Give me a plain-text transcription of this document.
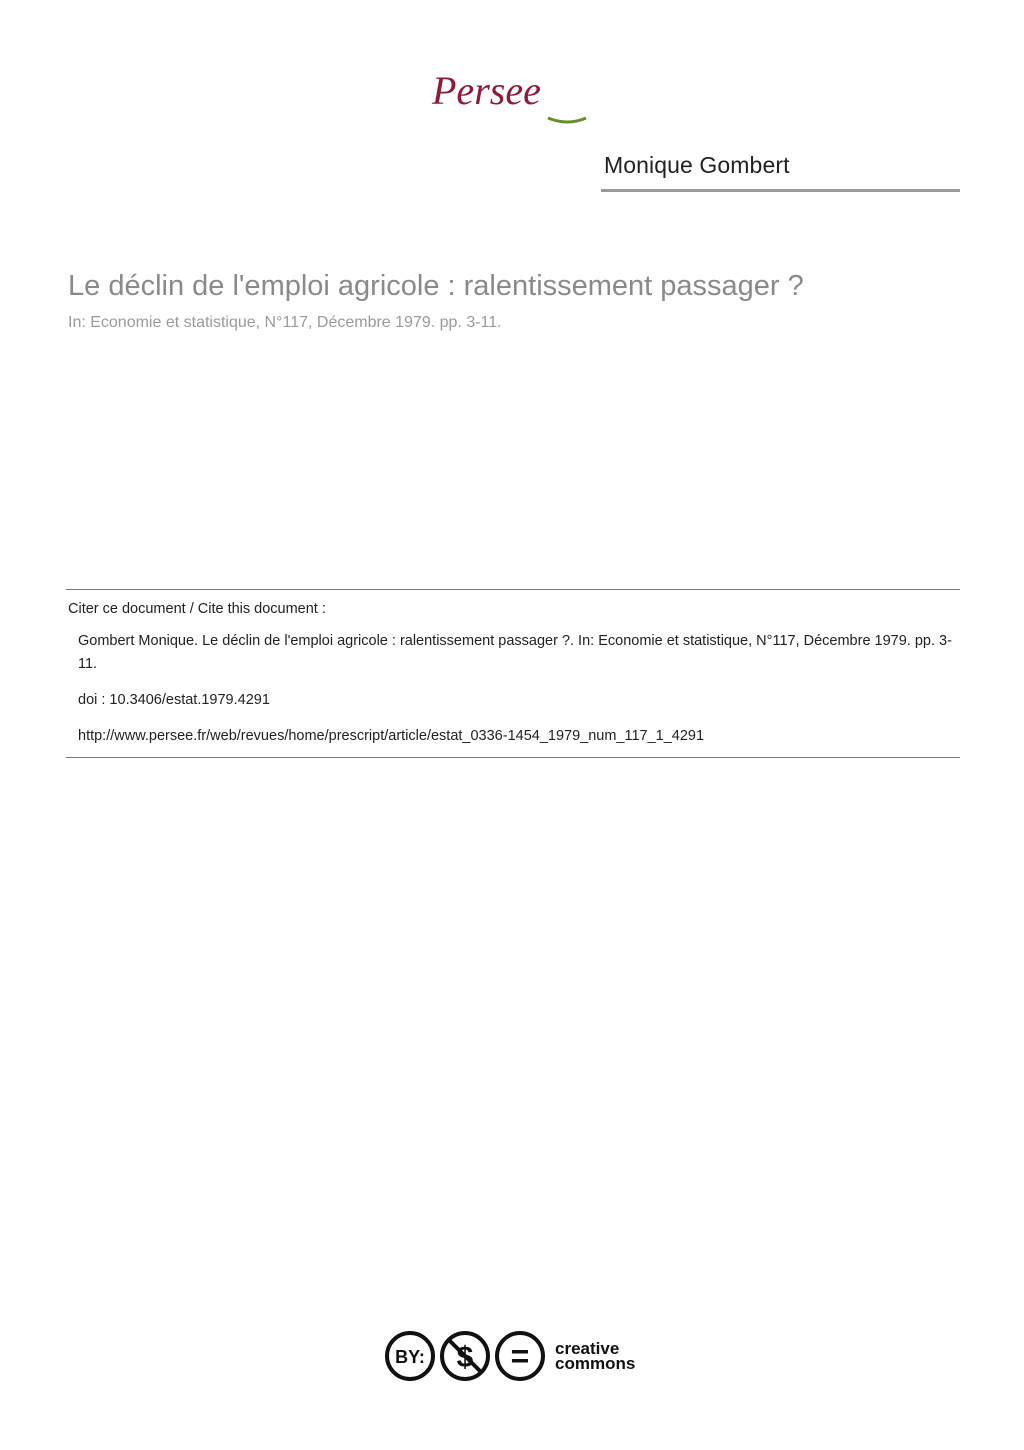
Persee
Monique Gombert
Le déclin de l'emploi agricole : ralentissement passager ?
In: Economie et statistique, N°117, Décembre 1979. pp. 3-11.
Citer ce document / Cite this document :
Gombert Monique. Le déclin de l'emploi agricole : ralentissement passager ?. In: Economie et statistique, N°117, Décembre 1979. pp. 3-11.
doi : 10.3406/estat.1979.4291
http://www.persee.fr/web/revues/home/prescript/article/estat_0336-1454_1979_num_117_1_4291
BY: $ = creative
commons
